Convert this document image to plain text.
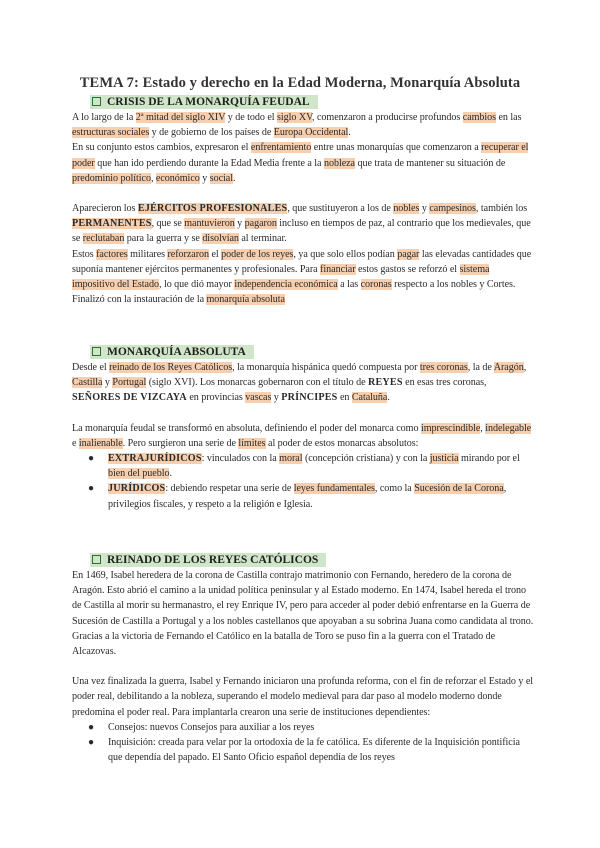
TEMA 7: Estado y derecho en la Edad Moderna, Monarquía Absoluta
CRISIS DE LA MONARQUÍA FEUDAL

A lo largo de la 2ª mitad del siglo XIV y de todo el siglo XV, comenzaron a producirse profundos cambios en las estructuras sociales y de gobierno de los países de Europa Occidental.

En su conjunto estos cambios, expresaron el enfrentamiento entre unas monarquías que comenzaron a recuperar el poder que han ido perdiendo durante la Edad Media frente a la nobleza que trata de mantener su situación de predominio político, económico y social.

Aparecieron los EJÉRCITOS PROFESIONALES, que sustituyeron a los de nobles y campesinos, también los PERMANENTES, que se mantuvieron y pagaron incluso en tiempos de paz, al contrario que los medievales, que se reclutaban para la guerra y se disolvían al terminar.

Estos factores militares reforzaron el poder de los reyes, ya que solo ellos podían pagar las elevadas cantidades que suponía mantener ejércitos permanentes y profesionales. Para financiar estos gastos se reforzó el sistema impositivo del Estado, lo que dió mayor independencia económica a las coronas respecto a los nobles y Cortes.

Finalizó con la instauración de la monarquía absoluta

MONARQUÍA ABSOLUTA

Desde el reinado de los Reyes Católicos, la monarquía hispánica quedó compuesta por tres coronas, la de Aragón, Castilla y Portugal (siglo XVI). Los monarcas gobernaron con el título de REYES en esas tres coronas, SEÑORES DE VIZCAYA en provincias vascas y PRÍNCIPES en Cataluña.

La monarquía feudal se transformó en absoluta, definiendo el poder del monarca como imprescindible, indelegable e inalienable. Pero surgieron una serie de límites al poder de estos monarcas absolutos:

● EXTRAJURÍDICOS: vinculados con la moral (concepción cristiana) y con la justicia mirando por el bien del pueblo.
● JURÍDICOS: debiendo respetar una serie de leyes fundamentales, como la Sucesión de la Corona, privilegios fiscales, y respeto a la religión e Iglesia.
REINADO DE LOS REYES CATÓLICOS

En 1469, Isabel heredera de la corona de Castilla contrajo matrimonio con Fernando, heredero de la corona de Aragón. Esto abrió el camino a la unidad política peninsular y al Estado moderno. En 1474, Isabel hereda el trono de Castilla al morir su hermanastro, el rey Enrique IV, pero para acceder al poder debió enfrentarse en la Guerra de Sucesión de Castilla a Portugal y a los nobles castellanos que apoyaban a su sobrina Juana como candidata al trono. Gracias a la victoria de Fernando el Católico en la batalla de Toro se puso fin a la guerra con el Tratado de Alcazovas.

Una vez finalizada la guerra, Isabel y Fernando iniciaron una profunda reforma, con el fin de reforzar el Estado y el poder real, debilitando a la nobleza, superando el modelo medieval para dar paso al modelo moderno donde predomina el poder real. Para implantarla crearon una serie de instituciones dependientes:

● Consejos: nuevos Consejos para auxiliar a los reyes
● Inquisición: creada para velar por la ortodoxia de la fe católica. Es diferente de la Inquisición pontificia que dependía del papado. El Santo Oficio español dependía de los reyes
